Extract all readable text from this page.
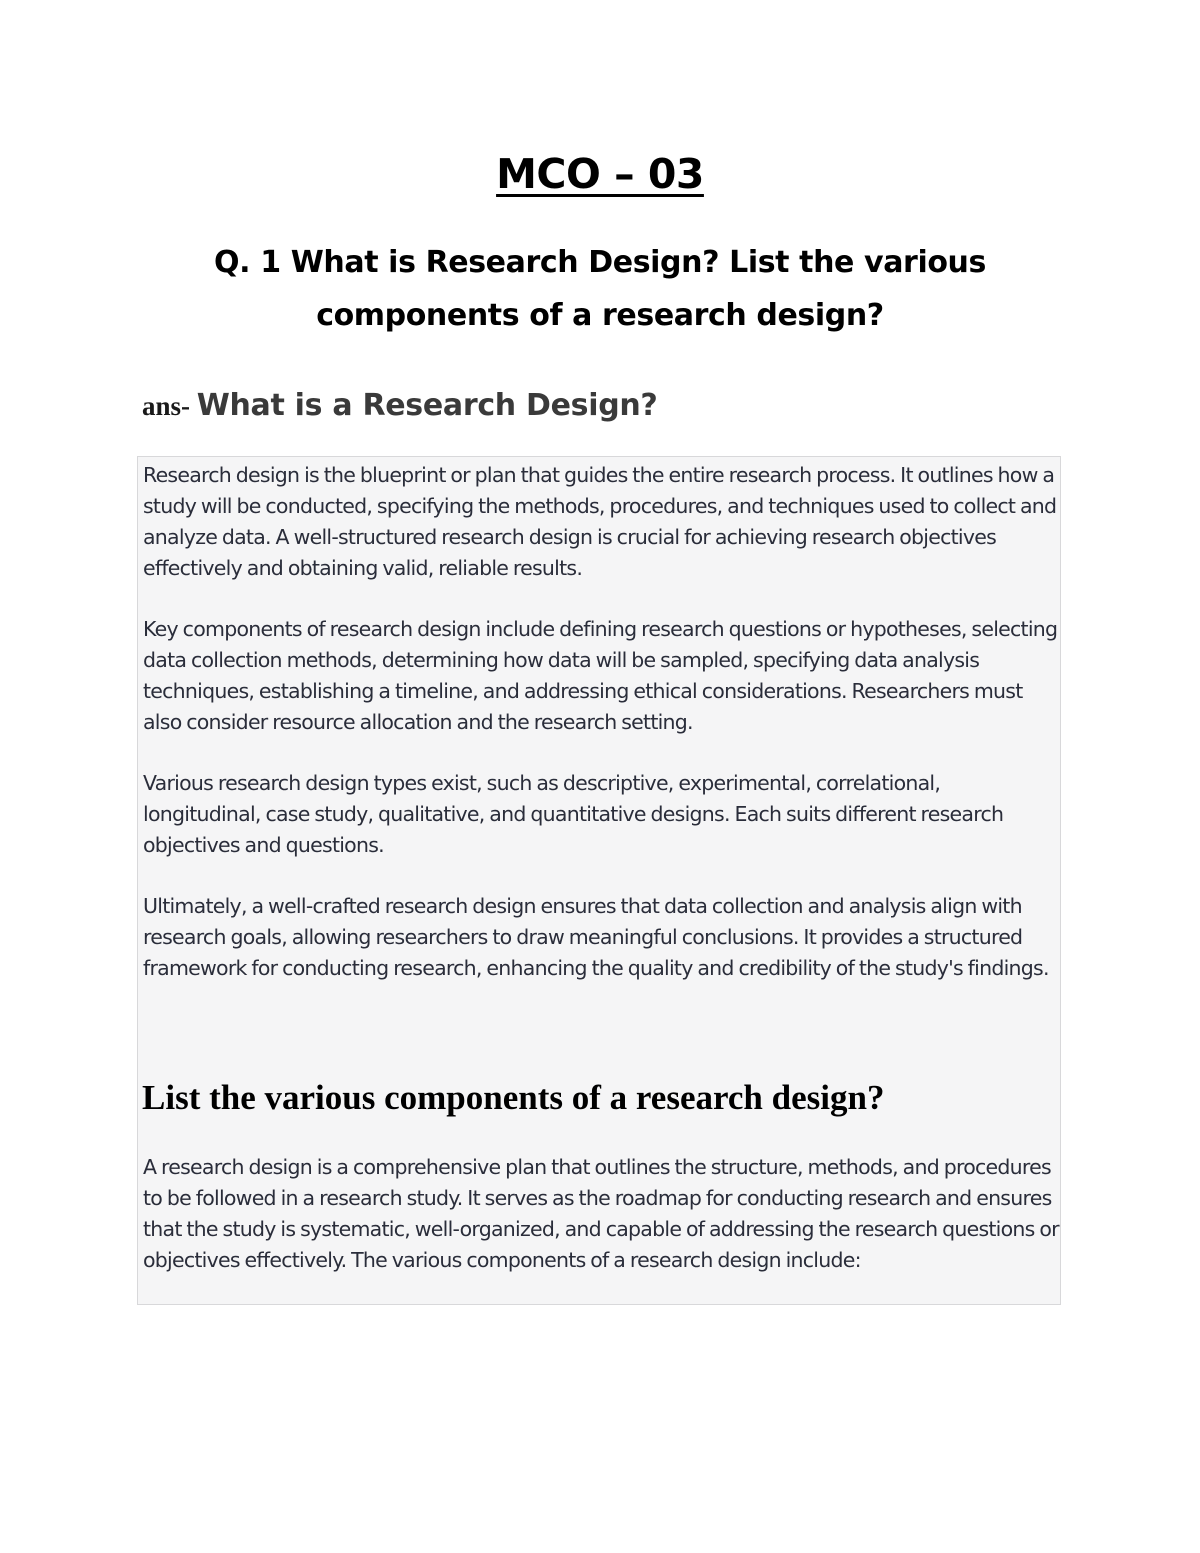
MCO – 03
Q. 1 What is Research Design? List the various components of a research design?
ans- What is a Research Design?

Research design is the blueprint or plan that guides the entire research process. It outlines how a study will be conducted, specifying the methods, procedures, and techniques used to collect and analyze data. A well-structured research design is crucial for achieving research objectives effectively and obtaining valid, reliable results.

Key components of research design include defining research questions or hypotheses, selecting data collection methods, determining how data will be sampled, specifying data analysis techniques, establishing a timeline, and addressing ethical considerations. Researchers must also consider resource allocation and the research setting.

Various research design types exist, such as descriptive, experimental, correlational, longitudinal, case study, qualitative, and quantitative designs. Each suits different research objectives and questions.

Ultimately, a well-crafted research design ensures that data collection and analysis align with research goals, allowing researchers to draw meaningful conclusions. It provides a structured framework for conducting research, enhancing the quality and credibility of the study's findings.

List the various components of a research design?

A research design is a comprehensive plan that outlines the structure, methods, and procedures to be followed in a research study. It serves as the roadmap for conducting research and ensures that the study is systematic, well-organized, and capable of addressing the research questions or objectives effectively. The various components of a research design include:
